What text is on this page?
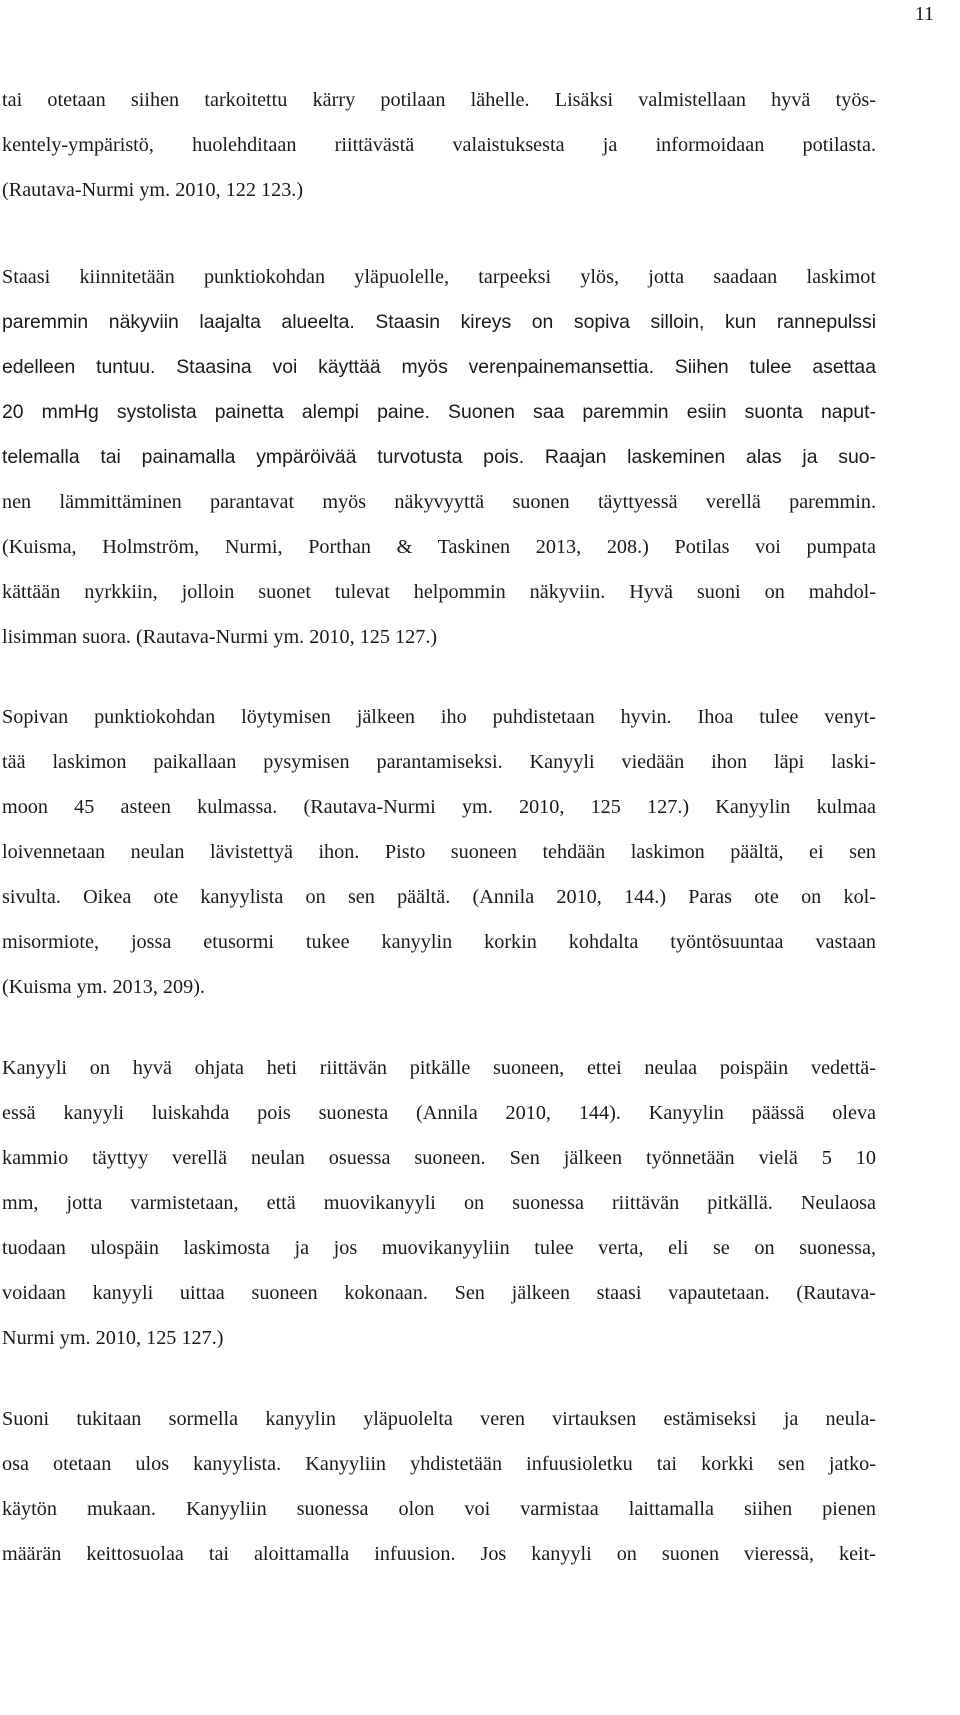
11
tai otetaan siihen tarkoitettu kärry potilaan lähelle. Lisäksi valmistellaan hyvä työs-
kentely-ympäristö, huolehditaan riittävästä valaistuksesta ja informoidaan potilasta.
(Rautava-Nurmi ym. 2010, 122 123.)
Staasi kiinnitetään punktiokohdan yläpuolelle, tarpeeksi ylös, jotta saadaan laskimot
paremmin näkyviin laajalta alueelta. Staasin kireys on sopiva silloin, kun rannepulssi
edelleen tuntuu. Staasina voi käyttää myös verenpainemansettia. Siihen tulee asettaa
20 mmHg systolista painetta alempi paine. Suonen saa paremmin esiin suonta naput-
telemalla tai painamalla ympäröivää turvotusta pois. Raajan laskeminen alas ja suo-
nen lämmittäminen parantavat myös näkyvyyttä suonen täyttyessä verellä paremmin.
(Kuisma, Holmström, Nurmi, Porthan & Taskinen 2013, 208.) Potilas voi pumpata
kättään nyrkkiin, jolloin suonet tulevat helpommin näkyviin. Hyvä suoni on mahdol-
lisimman suora. (Rautava-Nurmi ym. 2010, 125 127.)
Sopivan punktiokohdan löytymisen jälkeen iho puhdistetaan hyvin. Ihoa tulee venyt-
tää laskimon paikallaan pysymisen parantamiseksi. Kanyyli viedään ihon läpi laski-
moon 45 asteen kulmassa. (Rautava-Nurmi ym. 2010, 125 127.) Kanyylin kulmaa
loivennetaan neulan lävistettyä ihon. Pisto suoneen tehdään laskimon päältä, ei sen
sivulta. Oikea ote kanyylista on sen päältä. (Annila 2010, 144.) Paras ote on kol-
misormiote, jossa etusormi tukee kanyylin korkin kohdalta työntösuuntaa vastaan
(Kuisma ym. 2013, 209).
Kanyyli on hyvä ohjata heti riittävän pitkälle suoneen, ettei neulaa poispäin vedettä-
essä kanyyli luiskahda pois suonesta (Annila 2010, 144). Kanyylin päässä oleva
kammio täyttyy verellä neulan osuessa suoneen. Sen jälkeen työnnetään vielä 5 10
mm, jotta varmistetaan, että muovikanyyli on suonessa riittävän pitkällä. Neulaosa
tuodaan ulospäin laskimosta ja jos muovikanyyliin tulee verta, eli se on suonessa,
voidaan kanyyli uittaa suoneen kokonaan. Sen jälkeen staasi vapautetaan. (Rautava-
Nurmi ym. 2010, 125 127.)
Suoni tukitaan sormella kanyylin yläpuolelta veren virtauksen estämiseksi ja neula-
osa otetaan ulos kanyylista. Kanyyliin yhdistetään infuusioletku tai korkki sen jatko-
käytön mukaan. Kanyyliin suonessa olon voi varmistaa laittamalla siihen pienen
määrän keittosuolaa tai aloittamalla infuusion. Jos kanyyli on suonen vieressä, keit-
